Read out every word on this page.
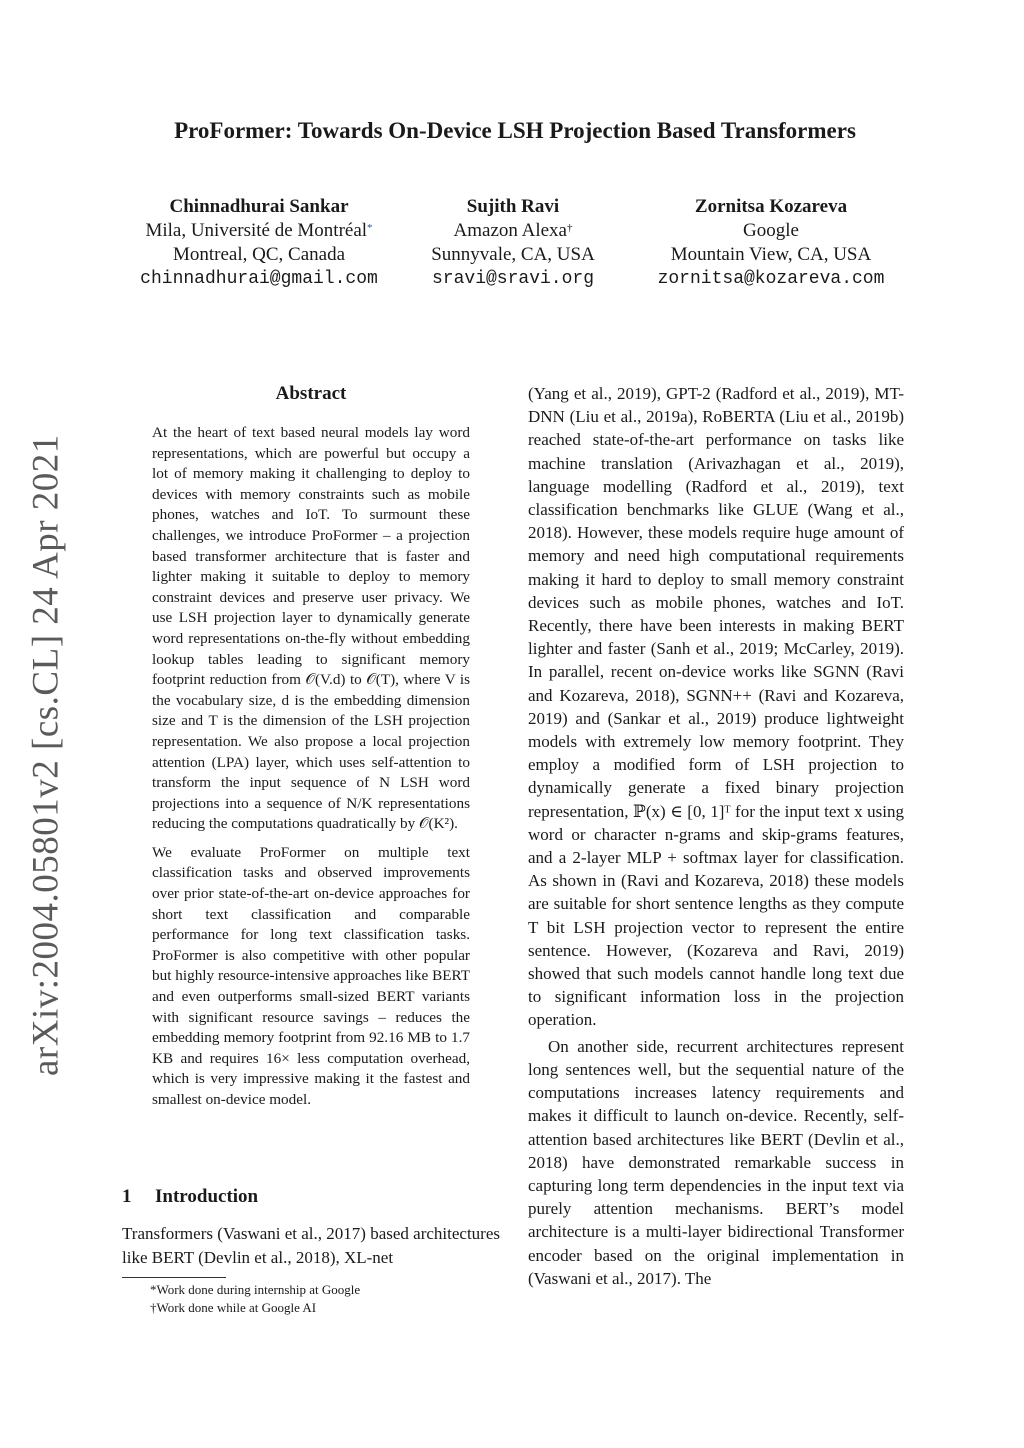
arXiv:2004.05801v2 [cs.CL] 24 Apr 2021
ProFormer: Towards On-Device LSH Projection Based Transformers
Chinnadhurai Sankar
Mila, Université de Montréal*
Montreal, QC, Canada
chinnadhurai@gmail.com
Sujith Ravi
Amazon Alexa†
Sunnyvale, CA, USA
sravi@sravi.org
Zornitsa Kozareva
Google
Mountain View, CA, USA
zornitsa@kozareva.com
Abstract

At the heart of text based neural models lay word representations, which are powerful but occupy a lot of memory making it challenging to deploy to devices with memory constraints such as mobile phones, watches and IoT. To surmount these challenges, we introduce ProFormer – a projection based transformer architecture that is faster and lighter making it suitable to deploy to memory constraint devices and preserve user privacy. We use LSH projection layer to dynamically generate word representations on-the-fly without embedding lookup tables leading to significant memory footprint reduction from 𝒪(V.d) to 𝒪(T), where V is the vocabulary size, d is the embedding dimension size and T is the dimension of the LSH projection representation. We also propose a local projection attention (LPA) layer, which uses self-attention to transform the input sequence of N LSH word projections into a sequence of N/K representations reducing the computations quadratically by 𝒪(K²).

We evaluate ProFormer on multiple text classification tasks and observed improvements over prior state-of-the-art on-device approaches for short text classification and comparable performance for long text classification tasks. ProFormer is also competitive with other popular but highly resource-intensive approaches like BERT and even outperforms small-sized BERT variants with significant resource savings – reduces the embedding memory footprint from 92.16 MB to 1.7 KB and requires 16× less computation overhead, which is very impressive making it the fastest and smallest on-device model.

1 Introduction

Transformers (Vaswani et al., 2017) based architectures like BERT (Devlin et al., 2018), XL-net

*Work done during internship at Google
†Work done while at Google AI

(Yang et al., 2019), GPT-2 (Radford et al., 2019), MT-DNN (Liu et al., 2019a), RoBERTA (Liu et al., 2019b) reached state-of-the-art performance on tasks like machine translation (Arivazhagan et al., 2019), language modelling (Radford et al., 2019), text classification benchmarks like GLUE (Wang et al., 2018). However, these models require huge amount of memory and need high computational requirements making it hard to deploy to small memory constraint devices such as mobile phones, watches and IoT. Recently, there have been interests in making BERT lighter and faster (Sanh et al., 2019; McCarley, 2019). In parallel, recent on-device works like SGNN (Ravi and Kozareva, 2018), SGNN++ (Ravi and Kozareva, 2019) and (Sankar et al., 2019) produce lightweight models with extremely low memory footprint. They employ a modified form of LSH projection to dynamically generate a fixed binary projection representation, ℙ(x) ∈ [0, 1]ᵀ for the input text x using word or character n-grams and skip-grams features, and a 2-layer MLP + softmax layer for classification. As shown in (Ravi and Kozareva, 2018) these models are suitable for short sentence lengths as they compute T bit LSH projection vector to represent the entire sentence. However, (Kozareva and Ravi, 2019) showed that such models cannot handle long text due to significant information loss in the projection operation.

On another side, recurrent architectures represent long sentences well, but the sequential nature of the computations increases latency requirements and makes it difficult to launch on-device. Recently, self-attention based architectures like BERT (Devlin et al., 2018) have demonstrated remarkable success in capturing long term dependencies in the input text via purely attention mechanisms. BERT’s model architecture is a multi-layer bidirectional Transformer encoder based on the original implementation in (Vaswani et al., 2017). The
